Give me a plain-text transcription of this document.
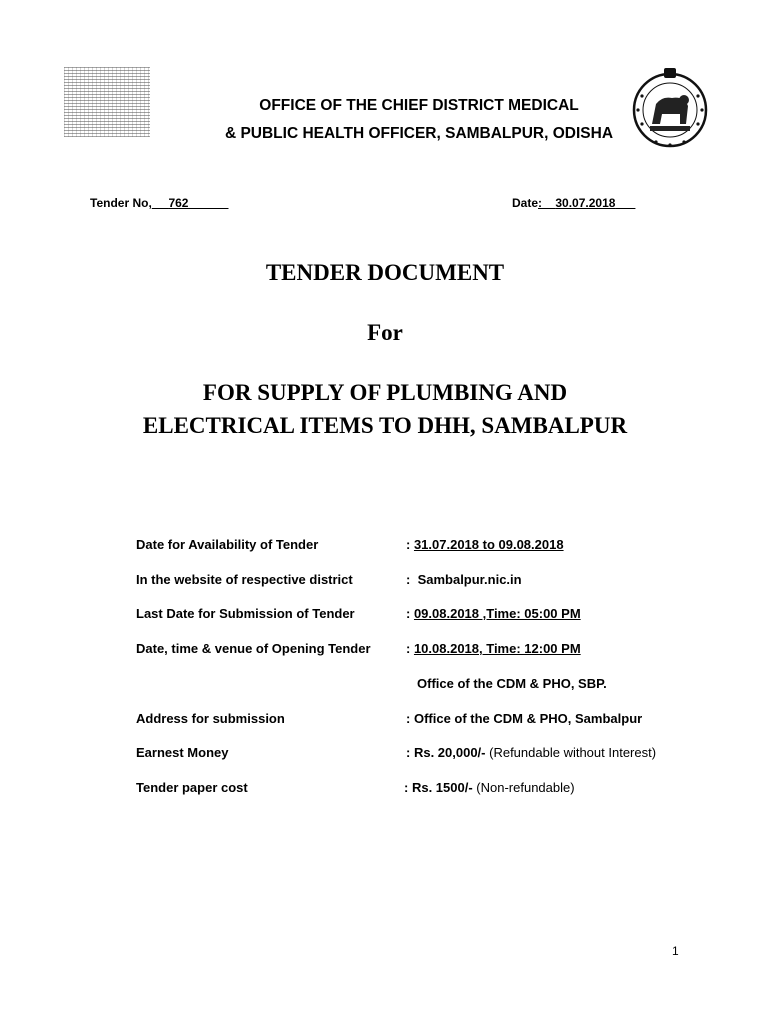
OFFICE OF THE CHIEF DISTRICT MEDICAL
& PUBLIC HEALTH OFFICER, SAMBALPUR, ODISHA
Tender No, 762	Date:    30.07.2018
TENDER DOCUMENT
For
FOR SUPPLY OF PLUMBING AND
ELECTRICAL ITEMS TO DHH, SAMBALPUR
Date for Availability of Tender	: 31.07.2018 to 09.08.2018
In the website of respective district	:  Sambalpur.nic.in
Last Date for Submission of Tender	: 09.08.2018 ,Time: 05:00 PM
Date, time & venue of Opening Tender	: 10.08.2018, Time: 12:00 PM
Office of the CDM & PHO, SBP.
Address for submission	: Office of the CDM & PHO, Sambalpur
Earnest Money	: Rs. 20,000/- (Refundable without Interest)
Tender paper cost	: Rs. 1500/- (Non-refundable)
1
